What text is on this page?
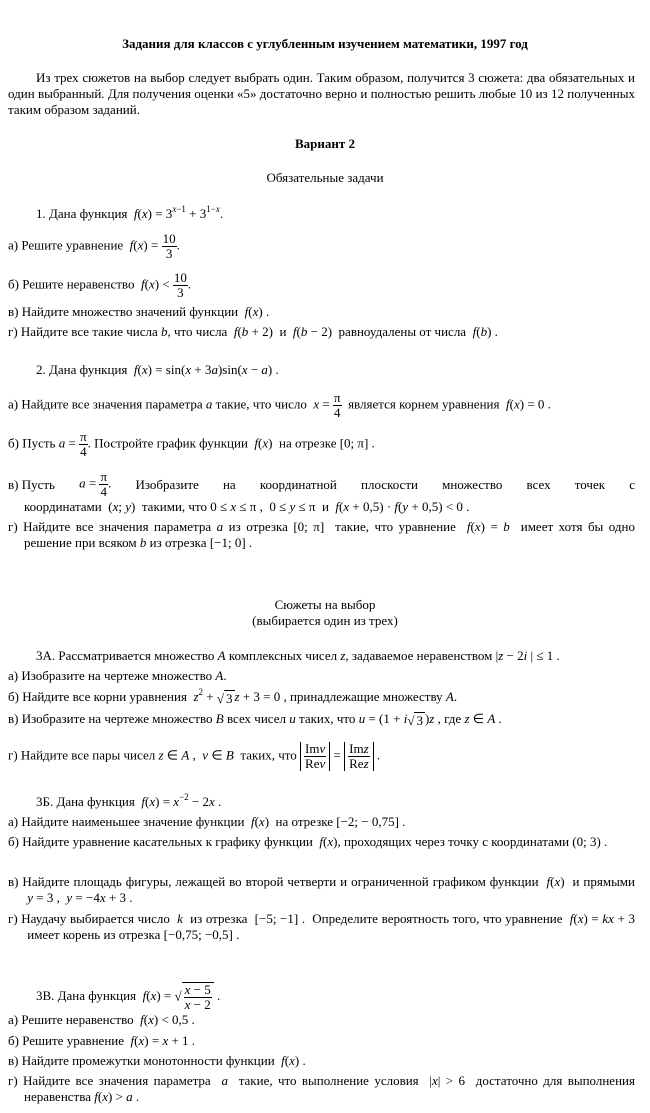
Задания для классов с углубленным изучением математики, 1997 год
Из трех сюжетов на выбор следует выбрать один. Таким образом, получится 3 сюжета: два обязательных и один выбранный. Для получения оценки «5» достаточно верно и полностью решить любые 10 из 12 полученных таким образом заданий.
Вариант 2
Обязательные задачи
1. Дана функция  $f(x) = 3^{x-1} + 3^{1-x}$.
а) Решите уравнение  $f(x) = \frac{10}{3}$ .
б) Решите неравенство  $f(x) < \frac{10}{3}$ .
в) Найдите множество значений функции  f(x) .
г) Найдите все такие числа b, что числа  f(b + 2)  и  f(b − 2)  равноудалены от числа  f(b) .
2. Дана функция  f(x) = sin(x + 3a)sin(x − a) .
а) Найдите все значения параметра a такие, что число  $x = \frac{\pi}{4}$ является корнем уравнения  f(x) = 0 .
б) Пусть $a = \frac{\pi}{4}$ . Постройте график функции  f(x)  на отрезке [0; π] .
в) Пусть $a = \frac{\pi}{4}$ . Изобразите на координатной плоскости множество всех точек с
координатами  (x; y)  такими, что 0 ≤ x ≤ π ,  0 ≤ y ≤ π  и  f(x + 0,5) · f(y + 0,5) < 0 .
г) Найдите все значения параметра a из отрезка [0; π]  такие, что уравнение  f(x) = b  имеет хотя бы одно решение при всяком b из отрезка [−1; 0] .
Сюжеты на выбор
(выбирается один из трех)
3А. Рассматривается множество A комплексных чисел z, задаваемое неравенством |z − 2i | ≤ 1 .
а) Изобразите на чертеже множество A.
б) Найдите все корни уравнения  $z^2$ + √ 3 z + 3 = 0 , принадлежащие множеству A.
в) Изобразите на чертеже множество B всех чисел u таких, что u = (1 + i√ 3 )z , где z ∈ A .
г) Найдите все пары чисел z ∈ A ,  v ∈ B  таких, что $\frac{\text{Imv}}{\text{Rev}} = \frac{\text{Imz}}{\text{Rez}}$ .
3Б. Дана функция  $f(x) = x^{-2} - 2x$ .
а) Найдите наименьшее значение функции  f(x)  на отрезке [−2; − 0,75] .
б) Найдите уравнение касательных к графику функции  f(x), проходящих через точку с координатами (0; 3) .
в) Найдите площадь фигуры, лежащей во второй четверти и ограниченной графиком функции  f(x)  и прямыми  y = 3 ,  y = −4x + 3 .
г) Наудачу выбирается число  k  из отрезка  [−5; −1] .  Определите вероятность того, что уравнение  f(x) = kx + 3  имеет корень из отрезка [−0,75; −0,5] .
3В. Дана функция  f(x) = √ $\frac{x - 5}{x - 2}$ .
а) Решите неравенство  f(x) < 0,5 .
б) Решите уравнение  f(x) = x + 1 .
в) Найдите промежутки монотонности функции  f(x) .
г) Найдите все значения параметра  a  такие, что выполнение условия  |x| > 6  достаточно для выполнения неравенства f(x) > a .
